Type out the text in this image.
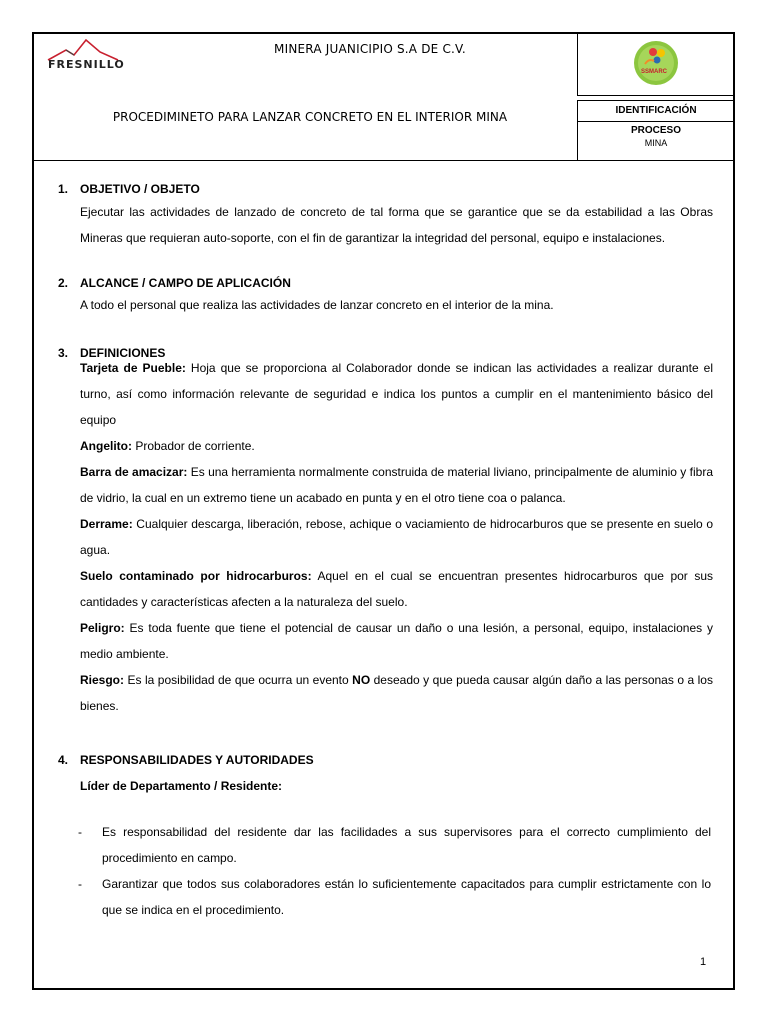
FRESNILLO
MINERA JUANICIPIO S.A DE C.V.
PROCEDIMINETO PARA LANZAR CONCRETO EN EL INTERIOR MINA
SSMARC
IDENTIFICACIÓN
PROCESO
MINA
1. OBJETIVO / OBJETO
Ejecutar las actividades de lanzado de concreto de tal forma que se garantice que se da estabilidad a las Obras Mineras que requieran auto-soporte, con el fin de garantizar la integridad del personal, equipo e instalaciones.
2. ALCANCE / CAMPO DE APLICACIÓN
A todo el personal que realiza las actividades de lanzar concreto en el interior de la mina.
3. DEFINICIONES
Tarjeta de Pueble: Hoja que se proporciona al Colaborador donde se indican las actividades a realizar durante el turno, así como información relevante de seguridad e indica los puntos a cumplir en el mantenimiento básico del equipo
Angelito: Probador de corriente.
Barra de amacizar: Es una herramienta normalmente construida de material liviano, principalmente de aluminio y fibra de vidrio, la cual en un extremo tiene un acabado en punta y en el otro tiene coa o palanca.
Derrame: Cualquier descarga, liberación, rebose, achique o vaciamiento de hidrocarburos que se presente en suelo o agua.
Suelo contaminado por hidrocarburos: Aquel en el cual se encuentran presentes hidrocarburos que por sus cantidades y características afecten a la naturaleza del suelo.
Peligro: Es toda fuente que tiene el potencial de causar un daño o una lesión, a personal, equipo, instalaciones y medio ambiente.
Riesgo: Es la posibilidad de que ocurra un evento NO deseado y que pueda causar algún daño a las personas o a los bienes.
4. RESPONSABILIDADES Y AUTORIDADES
Líder de Departamento / Residente:
- Es responsabilidad del residente dar las facilidades a sus supervisores para el correcto cumplimiento del procedimiento en campo.
- Garantizar que todos sus colaboradores están lo suficientemente capacitados para cumplir estrictamente con lo que se indica en el procedimiento.
1
